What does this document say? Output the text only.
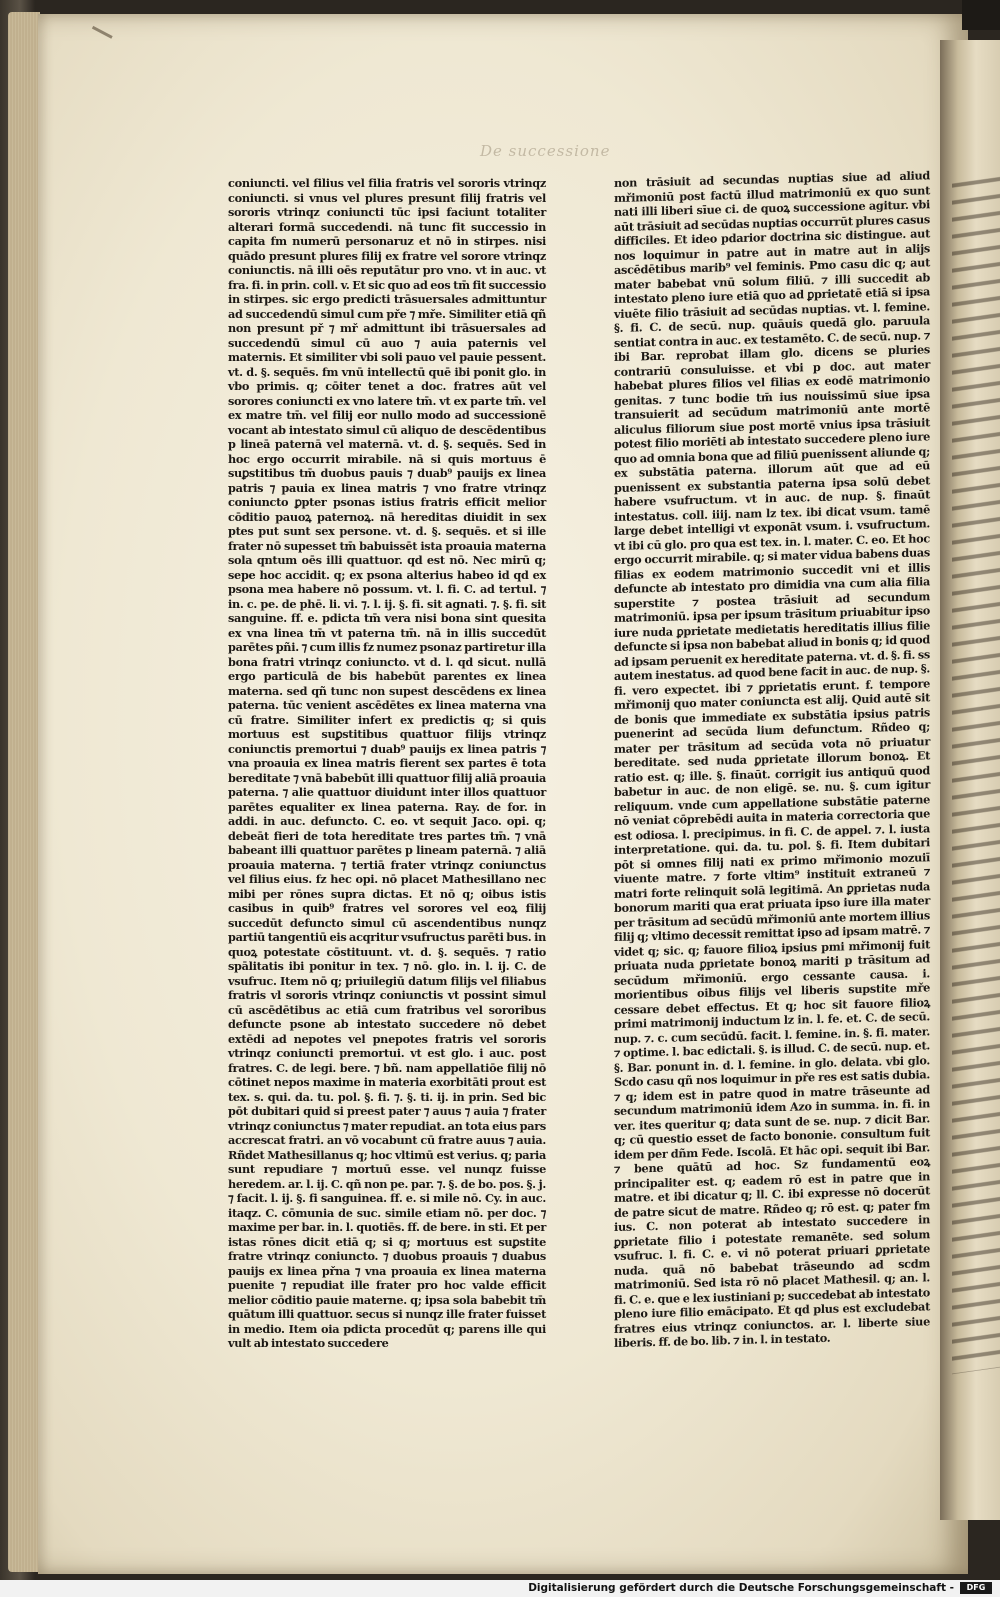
De successione

coniuncti. vel filius vel filia fratris vel sororis vtrinqz coniuncti. si vnus vel plures presunt filij fratris vel sororis vtrinqz coniuncti tūc ipsi faciunt totaliter alterari formā succedendi. nā tunc fit successio in capita fm numerū personaruz et nō in stirpes. nisi quādo presunt plures filij ex fratre vel sorore vtrinqz coniunctis. nā illi oēs reputātur pro vno. vt in auc. vt fra. fi. in prin. coll. v. Et sic quo ad eos tm̄ fit successio in stirpes. sic ergo predicti trāsuersales admittuntur ad succedendū simul cum pře ⁊ mře. Similiter etiā qñ non presunt př ⁊ mř admittunt ibi trāsuersales ad succedendū simul cū auo ⁊ auia paternis vel maternis. Et similiter vbi soli pauo vel pauie pessent. vt. d. §. sequēs. fm vnū intellectū quē ibi ponit glo. in vbo primis. q; cōiter tenet a doc. fratres aūt vel sorores coniuncti ex vno latere tm̄. vt ex parte tm̄. vel ex matre tm̄. vel filij eor nullo modo ad successionē vocant ab intestato simul cū aliquo de descēdentibus p lineā paternā vel maternā. vt. d. §. sequēs. Sed in hoc ergo occurrit mirabile. nā si quis mortuus ē suꝑstitibus tm̄ duobus pauis ⁊ duab⁹ pauijs ex linea patris ⁊ pauia ex linea matris ⁊ vno fratre vtrinqz coniuncto ꝑpter psonas istius fratris efficit melior cōditio pauoꝝ paternoꝝ. nā hereditas diuidit in sex ptes put sunt sex persone. vt. d. §. sequēs. et si ille frater nō supesset tm̄ babuissēt ista proauia materna sola qntum oēs illi quattuor. qd est nō. Nec mirū q; sepe hoc accidit. q; ex psona alterius habeo id qd ex psona mea habere nō possum. vt. l. fi. C. ad tertul. ⁊ in. c. pe. de phē. li. vi. ⁊. l. ij. §. fi. sit agnati. ⁊. §. fi. sit sanguine. ff. e. pdicta tm̄ vera nisi bona sint quesita ex vna linea tm̄ vt paterna tm̄. nā in illis succedūt parētes pñi. ⁊ cum illis fz numez psonaz partiretur illa bona fratri vtrinqz coniuncto. vt d. l. qd sicut. nullā ergo particulā de bis habebūt parentes ex linea materna. sed qñ tunc non supest descēdens ex linea paterna. tūc venient ascēdētes ex linea materna vna cū fratre. Similiter infert ex predictis q; si quis mortuus est suꝑstitibus quattuor filijs vtrinqz coniunctis premortui ⁊ duab⁹ pauijs ex linea patris ⁊ vna proauia ex linea matris fierent sex partes ē tota bereditate ⁊ vnā babebūt illi quattuor filij aliā proauia paterna. ⁊ alie quattuor diuidunt inter illos quattuor parētes equaliter ex linea paterna. Ray. de for. in addi. in auc. defuncto. C. eo. vt sequit Jaco. opi. q; debeāt fieri de tota hereditate tres partes tm̄. ⁊ vnā babeant illi quattuor parētes p lineam paternā. ⁊ aliā proauia materna. ⁊ tertiā frater vtrinqz coniunctus vel filius eius. fz hec opi. nō placet Mathesillano nec mibi per rōnes supra dictas. Et nō q; oibus istis casibus in quib⁹ fratres vel sorores vel eoꝝ filij succedūt defuncto simul cū ascendentibus nunqz partiū tangentiū eis acqritur vsufructus parēti bus. in quoꝝ potestate cōstituunt. vt. d. §. sequēs. ⁊ ratio spālitatis ibi ponitur in tex. ⁊ nō. glo. in. l. ij. C. de vsufruc. Item nō q; priuilegiū datum filijs vel filiabus fratris vl sororis vtrinqz coniunctis vt possint simul cū ascēdētibus ac etiā cum fratribus vel sororibus defuncte psone ab intestato succedere nō debet extēdi ad nepotes vel pnepotes fratris vel sororis vtrinqz coniuncti premortui. vt est glo. i auc. post fratres. C. de legi. bere. ⁊ bñ. nam appellatiōe filij nō cōtinet nepos maxime in materia exorbitāti prout est tex. s. qui. da. tu. pol. §. fi. ⁊. §. ti. ij. in prin. Sed bic pōt dubitari quid si preest pater ⁊ auus ⁊ auia ⁊ frater vtrinqz coniunctus ⁊ mater repudiat. an tota eius pars accrescat fratri. an vō vocabunt cū fratre auus ⁊ auia. Rñdet Mathesillanus q; hoc vltimū est verius. q; paria sunt repudiare ⁊ mortuū esse. vel nunqz fuisse heredem. ar. l. ij. C. qñ non pe. par. ⁊. §. de bo. pos. §. j. ⁊ facit. l. ij. §. fi sanguinea. ff. e. si mile nō. Cy. in auc. itaqz. C. cōmunia de suc. simile etiam nō. per doc. ⁊ maxime per bar. in. l. quotiēs. ff. de bere. in sti. Et per istas rōnes dicit etiā q; si q; mortuus est suꝑstite fratre vtrinqz coniuncto. ⁊ duobus proauis ⁊ duabus pauijs ex linea přna ⁊ vna proauia ex linea materna puenite ⁊ repudiat ille frater pro hoc valde efficit melior cōditio pauie materne. q; ipsa sola babebit tm̄ quātum illi quattuor. secus si nunqz ille frater fuisset in medio. Item oia pdicta procedūt q; parens ille qui vult ab intestato succedere

non trāsiuit ad secundas nuptias siue ad aliud mřimoniū post factū illud matrimoniū ex quo sunt nati illi liberi sīue ci. de quoꝝ successione agitur. vbi aūt trāsiuit ad secūdas nuptias occurrūt plures casus difficiles. Et ideo pdarior doctrina sic distingue. aut nos loquimur in patre aut in matre aut in alijs ascēdētibus marib⁹ vel feminis. Pmo casu dic q; aut mater babebat vnū solum filiū. ⁊ illi succedit ab intestato pleno iure etiā quo ad ꝑprietatē etiā si ipsa viuēte filio trāsiuit ad secūdas nuptias. vt. l. femine. §. fi. C. de secū. nup. quāuis quedā glo. paruula sentiat contra in auc. ex testamēto. C. de secū. nup. ⁊ ibi Bar. reprobat illam glo. dicens se pluries contrariū consuluisse. et vbi p doc. aut mater habebat plures filios vel filias ex eodē matrimonio genitas. ⁊ tunc bodie tm̄ ius nouissimū siue ipsa transuierit ad secūdum matrimoniū ante mortē aliculus filiorum siue post mortē vnius ipsa trāsiuit potest filio moriēti ab intestato succedere pleno iure quo ad omnia bona que ad filiū puenissent aliunde q; ex substātia paterna. illorum aūt que ad eū puenissent ex substantia paterna ipsa solū debet habere vsufructum. vt in auc. de nup. §. finaūt intestatus. coll. iiij. nam lz tex. ibi dicat vsum. tamē large debet intelligi vt exponāt vsum. i. vsufructum. vt ibi cū glo. pro qua est tex. in. l. mater. C. eo. Et hoc ergo occurrit mirabile. q; si mater vidua babens duas filias ex eodem matrimonio succedit vni et illis defuncte ab intestato pro dimidia vna cum alia filia superstite ⁊ postea trāsiuit ad secundum matrimoniū. ipsa per ipsum trāsitum priuabitur ipso iure nuda ꝑprietate medietatis hereditatis illius filie defuncte si ipsa non babebat aliud in bonis q; id quod ad ipsam peruenit ex hereditate paterna. vt. d. §. fi. ss autem inestatus. ad quod bene facit in auc. de nup. §. fi. vero expectet. ibi ⁊ ꝑprietatis erunt. f. tempore mřimonij quo mater coniuncta est alij. Quid autē sit de bonis que immediate ex substātia ipsius patris puenerint ad secūda lium defunctum. Rñdeo q; mater per trāsitum ad secūda vota nō priuatur bereditate. sed nuda ꝑprietate illorum bonoꝝ. Et ratio est. q; ille. §. finaūt. corrigit ius antiquū quod babetur in auc. de non eligē. se. nu. §. cum igitur reliquum. vnde cum appellatione substātie paterne nō veniat cōprebēdi auita in materia correctoria que est odiosa. l. precipimus. in fi. C. de appel. ⁊. l. iusta interpretatione. qui. da. tu. pol. §. fi. Item dubitari pōt si omnes filij nati ex primo mřimonio mozuiī viuente matre. ⁊ forte vltim⁹ instituit extraneū ⁊ matri forte relinquit solā legitimā. An ꝑprietas nuda bonorum mariti qua erat priuata ipso iure illa mater per trāsitum ad secūdū mřimoniū ante mortem illius filij q; vltimo decessit remittat ipso ad ipsam matrē. ⁊ videt q; sic. q; fauore filioꝝ ipsius pmi mřimonij fuit priuata nuda ꝑprietate bonoꝝ mariti p trāsitum ad secūdum mřimoniū. ergo cessante causa. i. morientibus oibus filijs vel liberis supstite mře cessare debet effectus. Et q; hoc sit fauore filioꝝ primi matrimonij inductum lz in. l. fe. et. C. de secū. nup. ⁊. c. cum secūdū. facit. l. femine. in. §. fi. mater. ⁊ optime. l. bac edictali. §. is illud. C. de secū. nup. et. §. Bar. ponunt in. d. l. femine. in glo. delata. vbi glo. Scdo casu qñ nos loquimur in pře res est satis dubia. ⁊ q; idem est in patre quod in matre trāseunte ad secundum matrimoniū idem Azo in summa. in. fi. in ver. ites queritur q; data sunt de se. nup. ⁊ dicit Bar. q; cū questio esset de facto bononie. consultum fuit idem per dñm Fede. Iscolā. Et hāc opi. sequit ibi Bar. ⁊ bene quātū ad hoc. Sz fundamentū eoꝝ principaliter est. q; eadem rō est in patre que in matre. et ibi dicatur q; ll. C. ibi expresse nō docerūt de patre sicut de matre. Rñdeo q; rō est. q; pater fm ius. C. non poterat ab intestato succedere in ꝑprietate filio i potestate remanēte. sed solum vsufruc. l. fi. C. e. vi nō poterat priuari ꝑprietate nuda. quā nō babebat trāseundo ad scdm matrimoniū. Sed ista rō nō placet Mathesil. q; an. l. fi. C. e. que e lex iustiniani p; succedebat ab intestato pleno iure filio emācipato. Et qd plus est excludebat fratres eius vtrinqz coniunctos. ar. l. liberte siue liberis. ff. de bo. lib. ⁊ in. l. in testato.

Digitalisierung gefördert durch die Deutsche Forschungsgemeinschaft -	DFG
